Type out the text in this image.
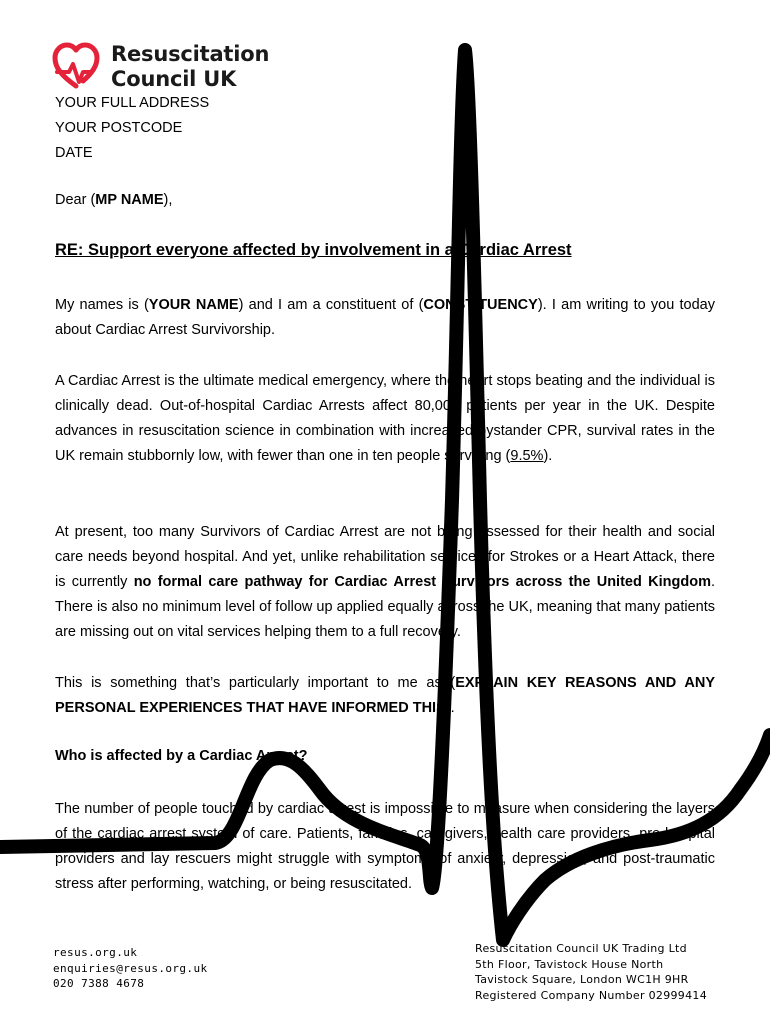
Resuscitation
Council UK
YOUR FULL ADDRESS
YOUR POSTCODE
DATE
Dear (MP NAME),
RE: Support everyone affected by involvement in a Cardiac Arrest
My names is (YOUR NAME) and I am a constituent of (CONSTITUENCY). I am writing to you today about Cardiac Arrest Survivorship.
A Cardiac Arrest is the ultimate medical emergency, where the heart stops beating and the individual is clinically dead. Out-of-hospital Cardiac Arrests affect 80,000 patients per year in the UK. Despite advances in resuscitation science in combination with increased bystander CPR, survival rates in the UK remain stubbornly low, with fewer than one in ten people surviving (9.5%).
At present, too many Survivors of Cardiac Arrest are not being assessed for their health and social care needs beyond hospital. And yet, unlike rehabilitation services for Strokes or a Heart Attack, there is currently no formal care pathway for Cardiac Arrest Survivors across the United Kingdom. There is also no minimum level of follow up applied equally across the UK, meaning that many patients are missing out on vital services helping them to a full recovery.
This is something that’s particularly important to me as (EXPLAIN KEY REASONS AND ANY PERSONAL EXPERIENCES THAT HAVE INFORMED THIS).
Who is affected by a Cardiac Arrest?
The number of people touched by cardiac arrest is impossible to measure when considering the layers of the cardiac arrest system of care. Patients, families, caregivers, health care providers, pre-hospital providers and lay rescuers might struggle with symptoms of anxiety, depression, and post-traumatic stress after performing, watching, or being resuscitated.
resus.org.uk
enquiries@resus.org.uk
020 7388 4678
Resuscitation Council UK Trading Ltd
5th Floor, Tavistock House North
Tavistock Square, London WC1H 9HR
Registered Company Number 02999414
